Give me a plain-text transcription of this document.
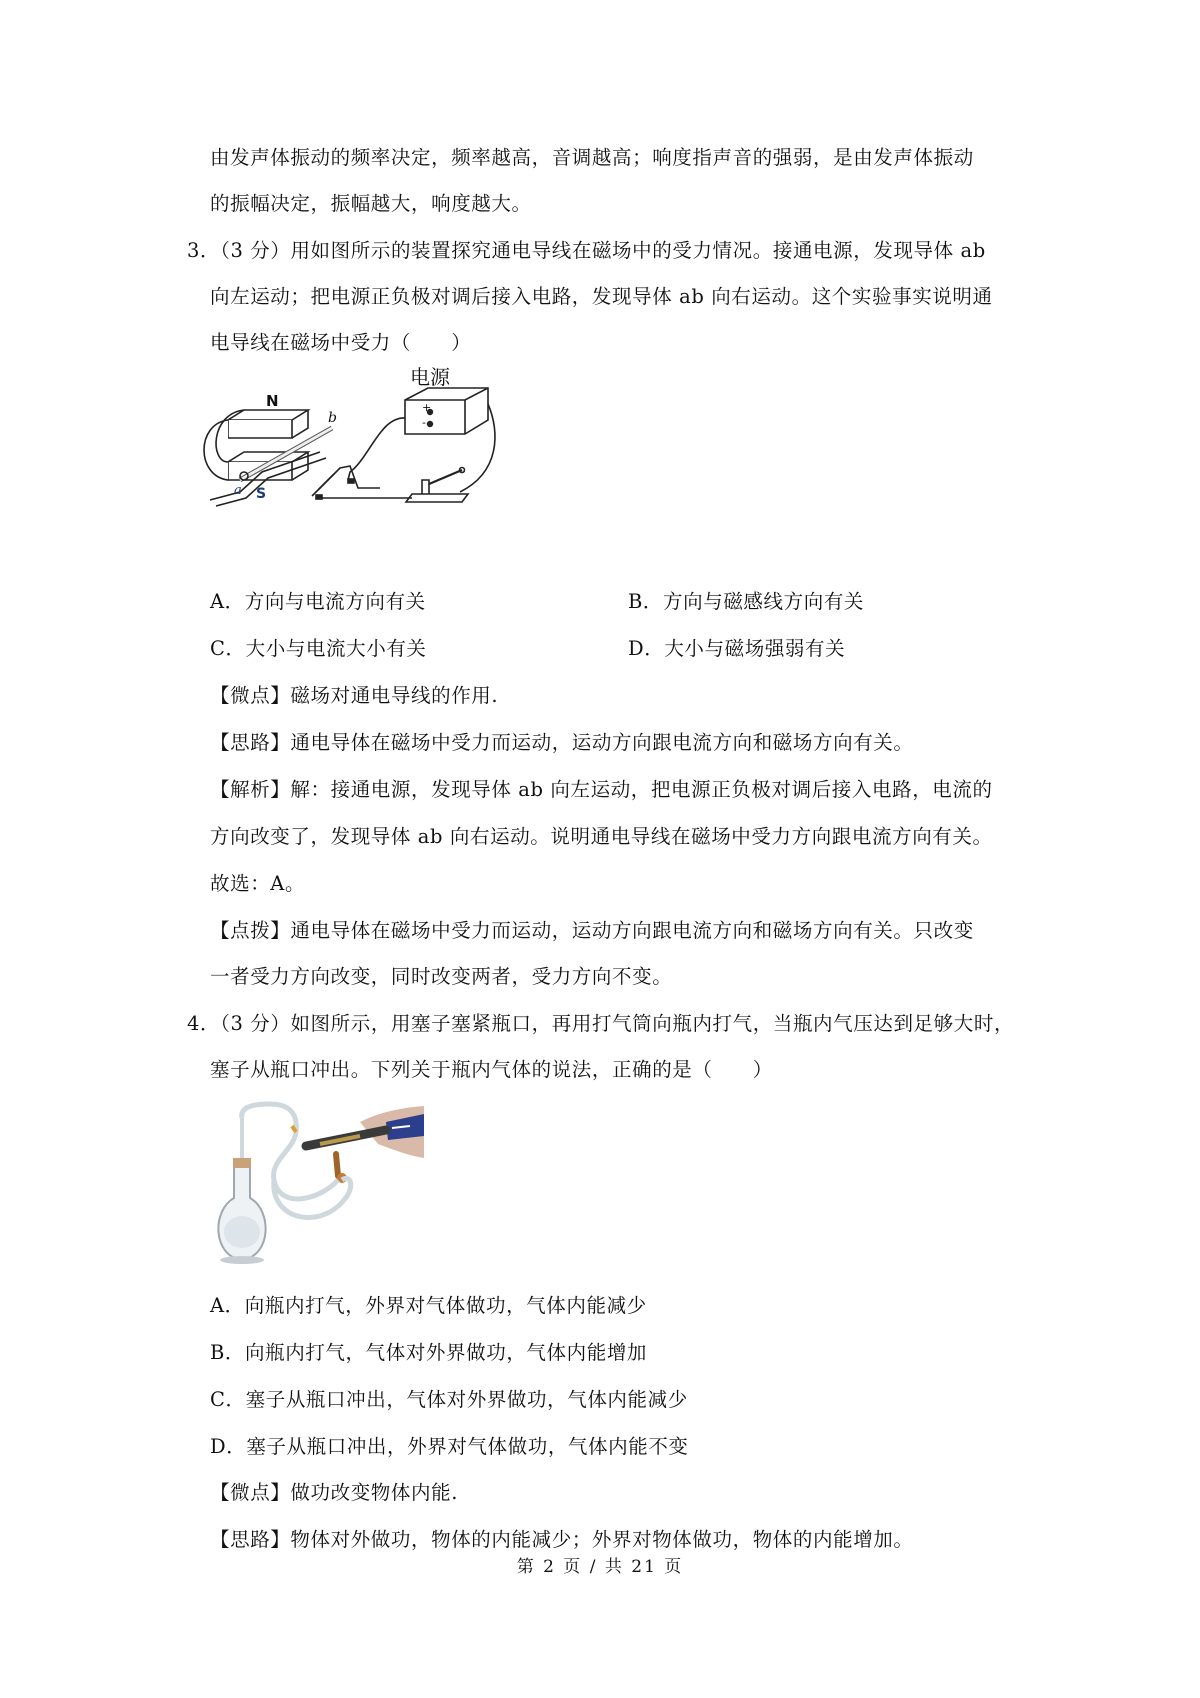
由发声体振动的频率决定，频率越高，音调越高；响度指声音的强弱，是由发声体振动
的振幅决定，振幅越大，响度越大。
3．（3 分）用如图所示的装置探究通电导线在磁场中的受力情况。接通电源，发现导体 ab
向左运动；把电源正负极对调后接入电路，发现导体 ab 向右运动。这个实验事实说明通
电导线在磁场中受力（　　）
电源
+
-
N
S
a
b
A．方向与电流方向有关	B．方向与磁感线方向有关
C．大小与电流大小有关	D．大小与磁场强弱有关
【微点】磁场对通电导线的作用.
【思路】通电导体在磁场中受力而运动，运动方向跟电流方向和磁场方向有关。
【解析】解：接通电源，发现导体 ab 向左运动，把电源正负极对调后接入电路，电流的
方向改变了，发现导体 ab 向右运动。说明通电导线在磁场中受力方向跟电流方向有关。
故选：A。
【点拨】通电导体在磁场中受力而运动，运动方向跟电流方向和磁场方向有关。只改变
一者受力方向改变，同时改变两者，受力方向不变。
4．（3 分）如图所示，用塞子塞紧瓶口，再用打气筒向瓶内打气，当瓶内气压达到足够大时，
塞子从瓶口冲出。下列关于瓶内气体的说法，正确的是（　　）
A．向瓶内打气，外界对气体做功，气体内能减少
B．向瓶内打气，气体对外界做功，气体内能增加
C．塞子从瓶口冲出，气体对外界做功，气体内能减少
D．塞子从瓶口冲出，外界对气体做功，气体内能不变
【微点】做功改变物体内能.
【思路】物体对外做功，物体的内能减少；外界对物体做功，物体的内能增加。
第 2 页 / 共 21 页
